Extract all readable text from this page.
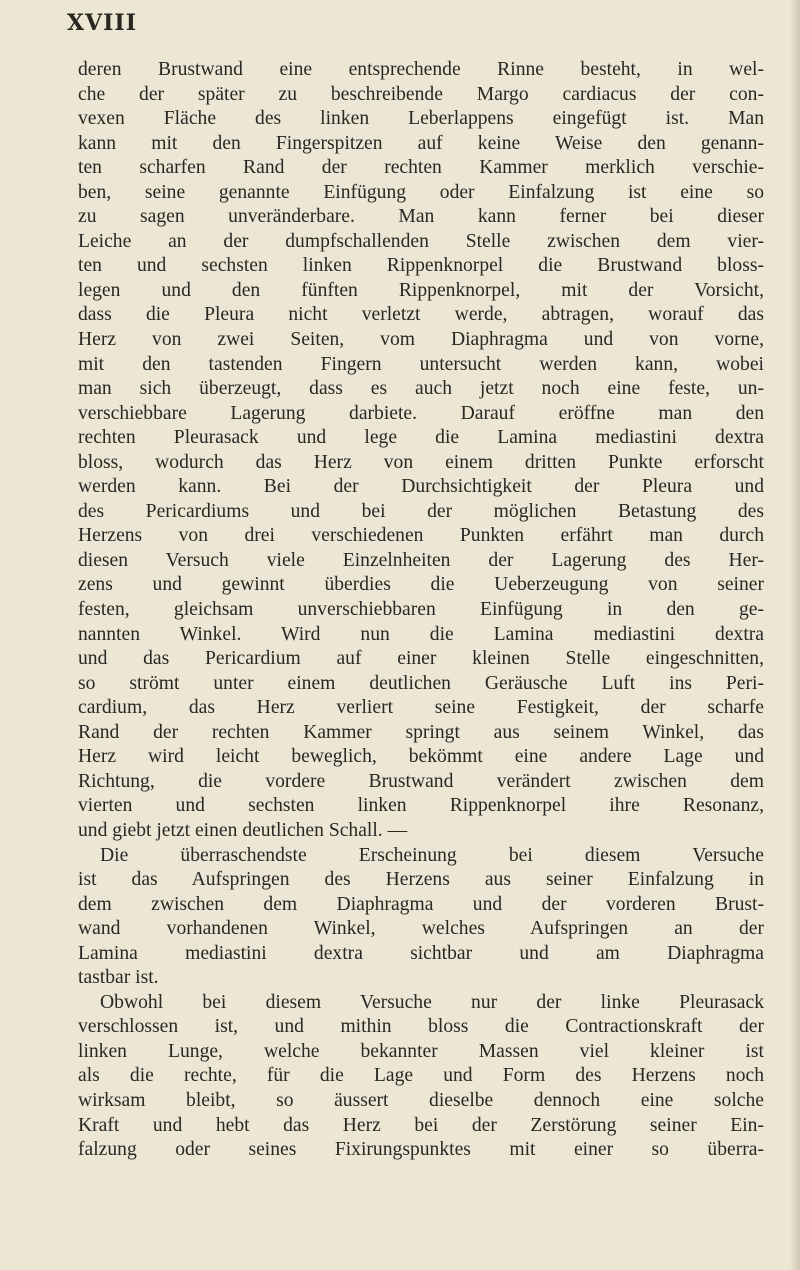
XVIII
deren Brustwand eine entsprechende Rinne besteht, in wel-
che der später zu beschreibende Margo cardiacus der con-
vexen Fläche des linken Leberlappens eingefügt ist. Man
kann mit den Fingerspitzen auf keine Weise den genann-
ten scharfen Rand der rechten Kammer merklich verschie-
ben, seine genannte Einfügung oder Einfalzung ist eine so
zu sagen unveränderbare. Man kann ferner bei dieser
Leiche an der dumpfschallenden Stelle zwischen dem vier-
ten und sechsten linken Rippenknorpel die Brustwand bloss-
legen und den fünften Rippenknorpel, mit der Vorsicht,
dass die Pleura nicht verletzt werde, abtragen, worauf das
Herz von zwei Seiten, vom Diaphragma und von vorne,
mit den tastenden Fingern untersucht werden kann, wobei
man sich überzeugt, dass es auch jetzt noch eine feste, un-
verschiebbare Lagerung darbiete. Darauf eröffne man den
rechten Pleurasack und lege die Lamina mediastini dextra
bloss, wodurch das Herz von einem dritten Punkte erforscht
werden kann. Bei der Durchsichtigkeit der Pleura und
des Pericardiums und bei der möglichen Betastung des
Herzens von drei verschiedenen Punkten erfährt man durch
diesen Versuch viele Einzelnheiten der Lagerung des Her-
zens und gewinnt überdies die Ueberzeugung von seiner
festen, gleichsam unverschiebbaren Einfügung in den ge-
nannten Winkel. Wird nun die Lamina mediastini dextra
und das Pericardium auf einer kleinen Stelle eingeschnitten,
so strömt unter einem deutlichen Geräusche Luft ins Peri-
cardium, das Herz verliert seine Festigkeit, der scharfe
Rand der rechten Kammer springt aus seinem Winkel, das
Herz wird leicht beweglich, bekömmt eine andere Lage und
Richtung, die vordere Brustwand verändert zwischen dem
vierten und sechsten linken Rippenknorpel ihre Resonanz,
und giebt jetzt einen deutlichen Schall. —
Die überraschendste Erscheinung bei diesem Versuche
ist das Aufspringen des Herzens aus seiner Einfalzung in
dem zwischen dem Diaphragma und der vorderen Brust-
wand vorhandenen Winkel, welches Aufspringen an der
Lamina mediastini dextra sichtbar und am Diaphragma
tastbar ist.
Obwohl bei diesem Versuche nur der linke Pleurasack
verschlossen ist, und mithin bloss die Contractionskraft der
linken Lunge, welche bekannter Massen viel kleiner ist
als die rechte, für die Lage und Form des Herzens noch
wirksam bleibt, so äussert dieselbe dennoch eine solche
Kraft und hebt das Herz bei der Zerstörung seiner Ein-
falzung oder seines Fixirungspunktes mit einer so überra-
